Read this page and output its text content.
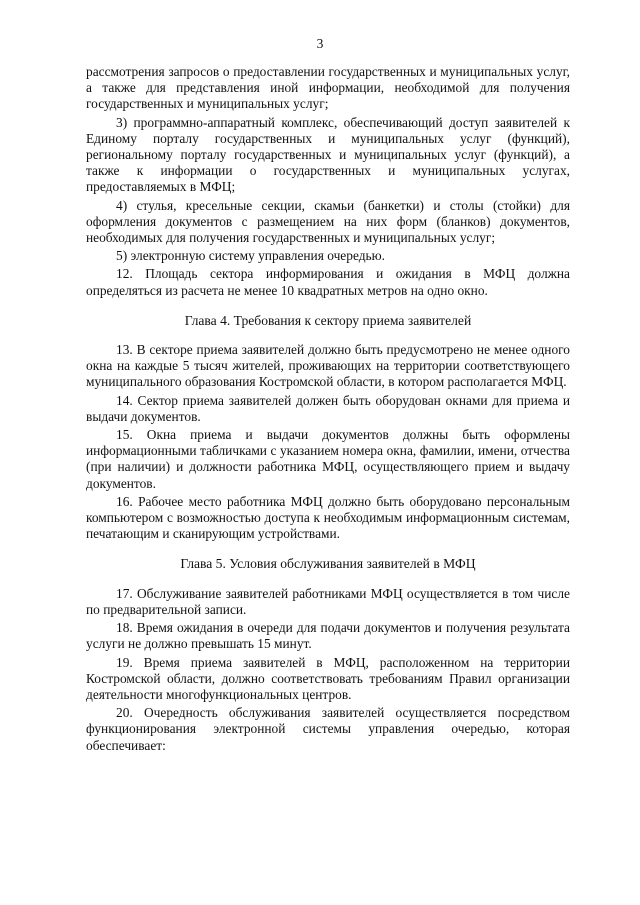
3

рассмотрения запросов о предоставлении государственных и муниципальных услуг, а также для представления иной информации, необходимой для получения государственных и муниципальных услуг;

3) программно-аппаратный комплекс, обеспечивающий доступ заявителей к Единому порталу государственных и муниципальных услуг (функций), региональному порталу государственных и муниципальных услуг (функций), а также к информации о государственных и муниципальных услугах, предоставляемых в МФЦ;

4) стулья, кресельные секции, скамьи (банкетки) и столы (стойки) для оформления документов с размещением на них форм (бланков) документов, необходимых для получения государственных и муниципальных услуг;

5) электронную систему управления очередью.

12. Площадь сектора информирования и ожидания в МФЦ должна определяться из расчета не менее 10 квадратных метров на одно окно.

Глава 4. Требования к сектору приема заявителей

13. В секторе приема заявителей должно быть предусмотрено не менее одного окна на каждые 5 тысяч жителей, проживающих на территории соответствующего муниципального образования Костромской области, в котором располагается МФЦ.

14. Сектор приема заявителей должен быть оборудован окнами для приема и выдачи документов.

15. Окна приема и выдачи документов должны быть оформлены информационными табличками с указанием номера окна, фамилии, имени, отчества (при наличии) и должности работника МФЦ, осуществляющего прием и выдачу документов.

16. Рабочее место работника МФЦ должно быть оборудовано персональным компьютером с возможностью доступа к необходимым информационным системам, печатающим и сканирующим устройствами.

Глава 5. Условия обслуживания заявителей в МФЦ

17. Обслуживание заявителей работниками МФЦ осуществляется в том числе по предварительной записи.

18. Время ожидания в очереди для подачи документов и получения результата услуги не должно превышать 15 минут.

19. Время приема заявителей в МФЦ, расположенном на территории Костромской области, должно соответствовать требованиям Правил организации деятельности многофункциональных центров.

20. Очередность обслуживания заявителей осуществляется посредством функционирования электронной системы управления очередью, которая обеспечивает:
